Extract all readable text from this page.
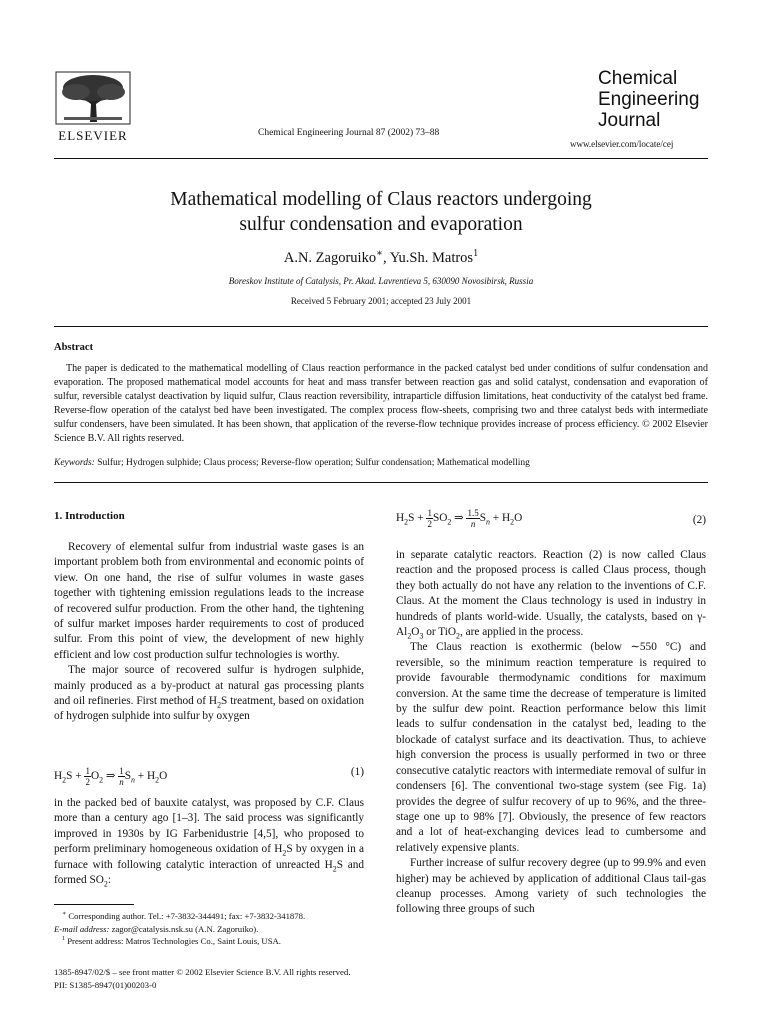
ELSEVIER	Chemical Engineering Journal 87 (2002) 73–88
Chemical
Engineering
Journal
www.elsevier.com/locate/cej
Mathematical modelling of Claus reactors undergoing
sulfur condensation and evaporation
A.N. Zagoruiko∗, Yu.Sh. Matros$^1$
Boreskov Institute of Catalysis, Pr. Akad. Lavrentieva 5, 630090 Novosibirsk, Russia
Received 5 February 2001; accepted 23 July 2001
Abstract
The paper is dedicated to the mathematical modelling of Claus reaction performance in the packed catalyst bed under conditions of sulfur condensation and evaporation. The proposed mathematical model accounts for heat and mass transfer between reaction gas and solid catalyst, condensation and evaporation of sulfur, reversible catalyst deactivation by liquid sulfur, Claus reaction reversibility, intraparticle diffusion limitations, heat conductivity of the catalyst bed frame. Reverse-flow operation of the catalyst bed have been investigated. The complex process flow-sheets, comprising two and three catalyst beds with intermediate sulfur condensers, have been simulated. It has been shown, that application of the reverse-flow technique provides increase of process efficiency. © 2002 Elsevier Science B.V. All rights reserved.
Keywords: Sulfur; Hydrogen sulphide; Claus process; Reverse-flow operation; Sulfur condensation; Mathematical modelling
1. Introduction

Recovery of elemental sulfur from industrial waste gases is an important problem both from environmental and economic points of view. On one hand, the rise of sulfur volumes in waste gases together with tightening emission regulations leads to the increase of recovered sulfur production. From the other hand, the tightening of sulfur market imposes harder requirements to cost of produced sulfur. From this point of view, the development of new highly efficient and low cost production sulfur technologies is worthy.

The major source of recovered sulfur is hydrogen sulphide, mainly produced as a by-product at natural gas processing plants and oil refineries. First method of $H_2S$ treatment, based on oxidation of hydrogen sulphide into sulfur by oxygen

$H_2S + \frac{1}{2} O_2$ ⇒ $\frac{1}{n} S_n + H_2O$	(1)

in the packed bed of bauxite catalyst, was proposed by C.F. Claus more than a century ago [1–3]. The said process was significantly improved in 1930s by IG Farbenidustrie [4,5], who proposed to perform preliminary homogeneous oxidation of $H_2S$ by oxygen in a furnace with following catalytic interaction of unreacted $H_2S$ and formed $SO_2$:

∗ Corresponding author. Tel.: +7-3832-344491; fax: +7-3832-341878.
E-mail address: zagor@catalysis.nsk.su (A.N. Zagoruiko).
$^1$ Present address: Matros Technologies Co., Saint Louis, USA.
1385-8947/02/$ – see front matter © 2002 Elsevier Science B.V. All rights reserved.
PII: S1385-8947(01)00203-0
$H_2S + \frac{1}{2} SO_2$ ⇒ $\frac{1.5}{n} S_n + H_2O$	(2)

in separate catalytic reactors. Reaction (2) is now called Claus reaction and the proposed process is called Claus process, though they both actually do not have any relation to the inventions of C.F. Claus. At the moment the Claus technology is used in industry in hundreds of plants world-wide. Usually, the catalysts, based on $\gamma-Al_2O_3$ or TiO$_2$, are applied in the process.

The Claus reaction is exothermic (below ∼550 °C) and reversible, so the minimum reaction temperature is required to provide favourable thermodynamic conditions for maximum conversion. At the same time the decrease of temperature is limited by the sulfur dew point. Reaction performance below this limit leads to sulfur condensation in the catalyst bed, leading to the blockade of catalyst surface and its deactivation. Thus, to achieve high conversion the process is usually performed in two or three consecutive catalytic reactors with intermediate removal of sulfur in condensers [6]. The conventional two-stage system (see Fig. 1a) provides the degree of sulfur recovery of up to 96%, and the three-stage one up to 98% [7]. Obviously, the presence of few reactors and a lot of heat-exchanging devices lead to cumbersome and relatively expensive plants.

Further increase of sulfur recovery degree (up to 99.9% and even higher) may be achieved by application of additional Claus tail-gas cleanup processes. Among variety of such technologies the following three groups of such
